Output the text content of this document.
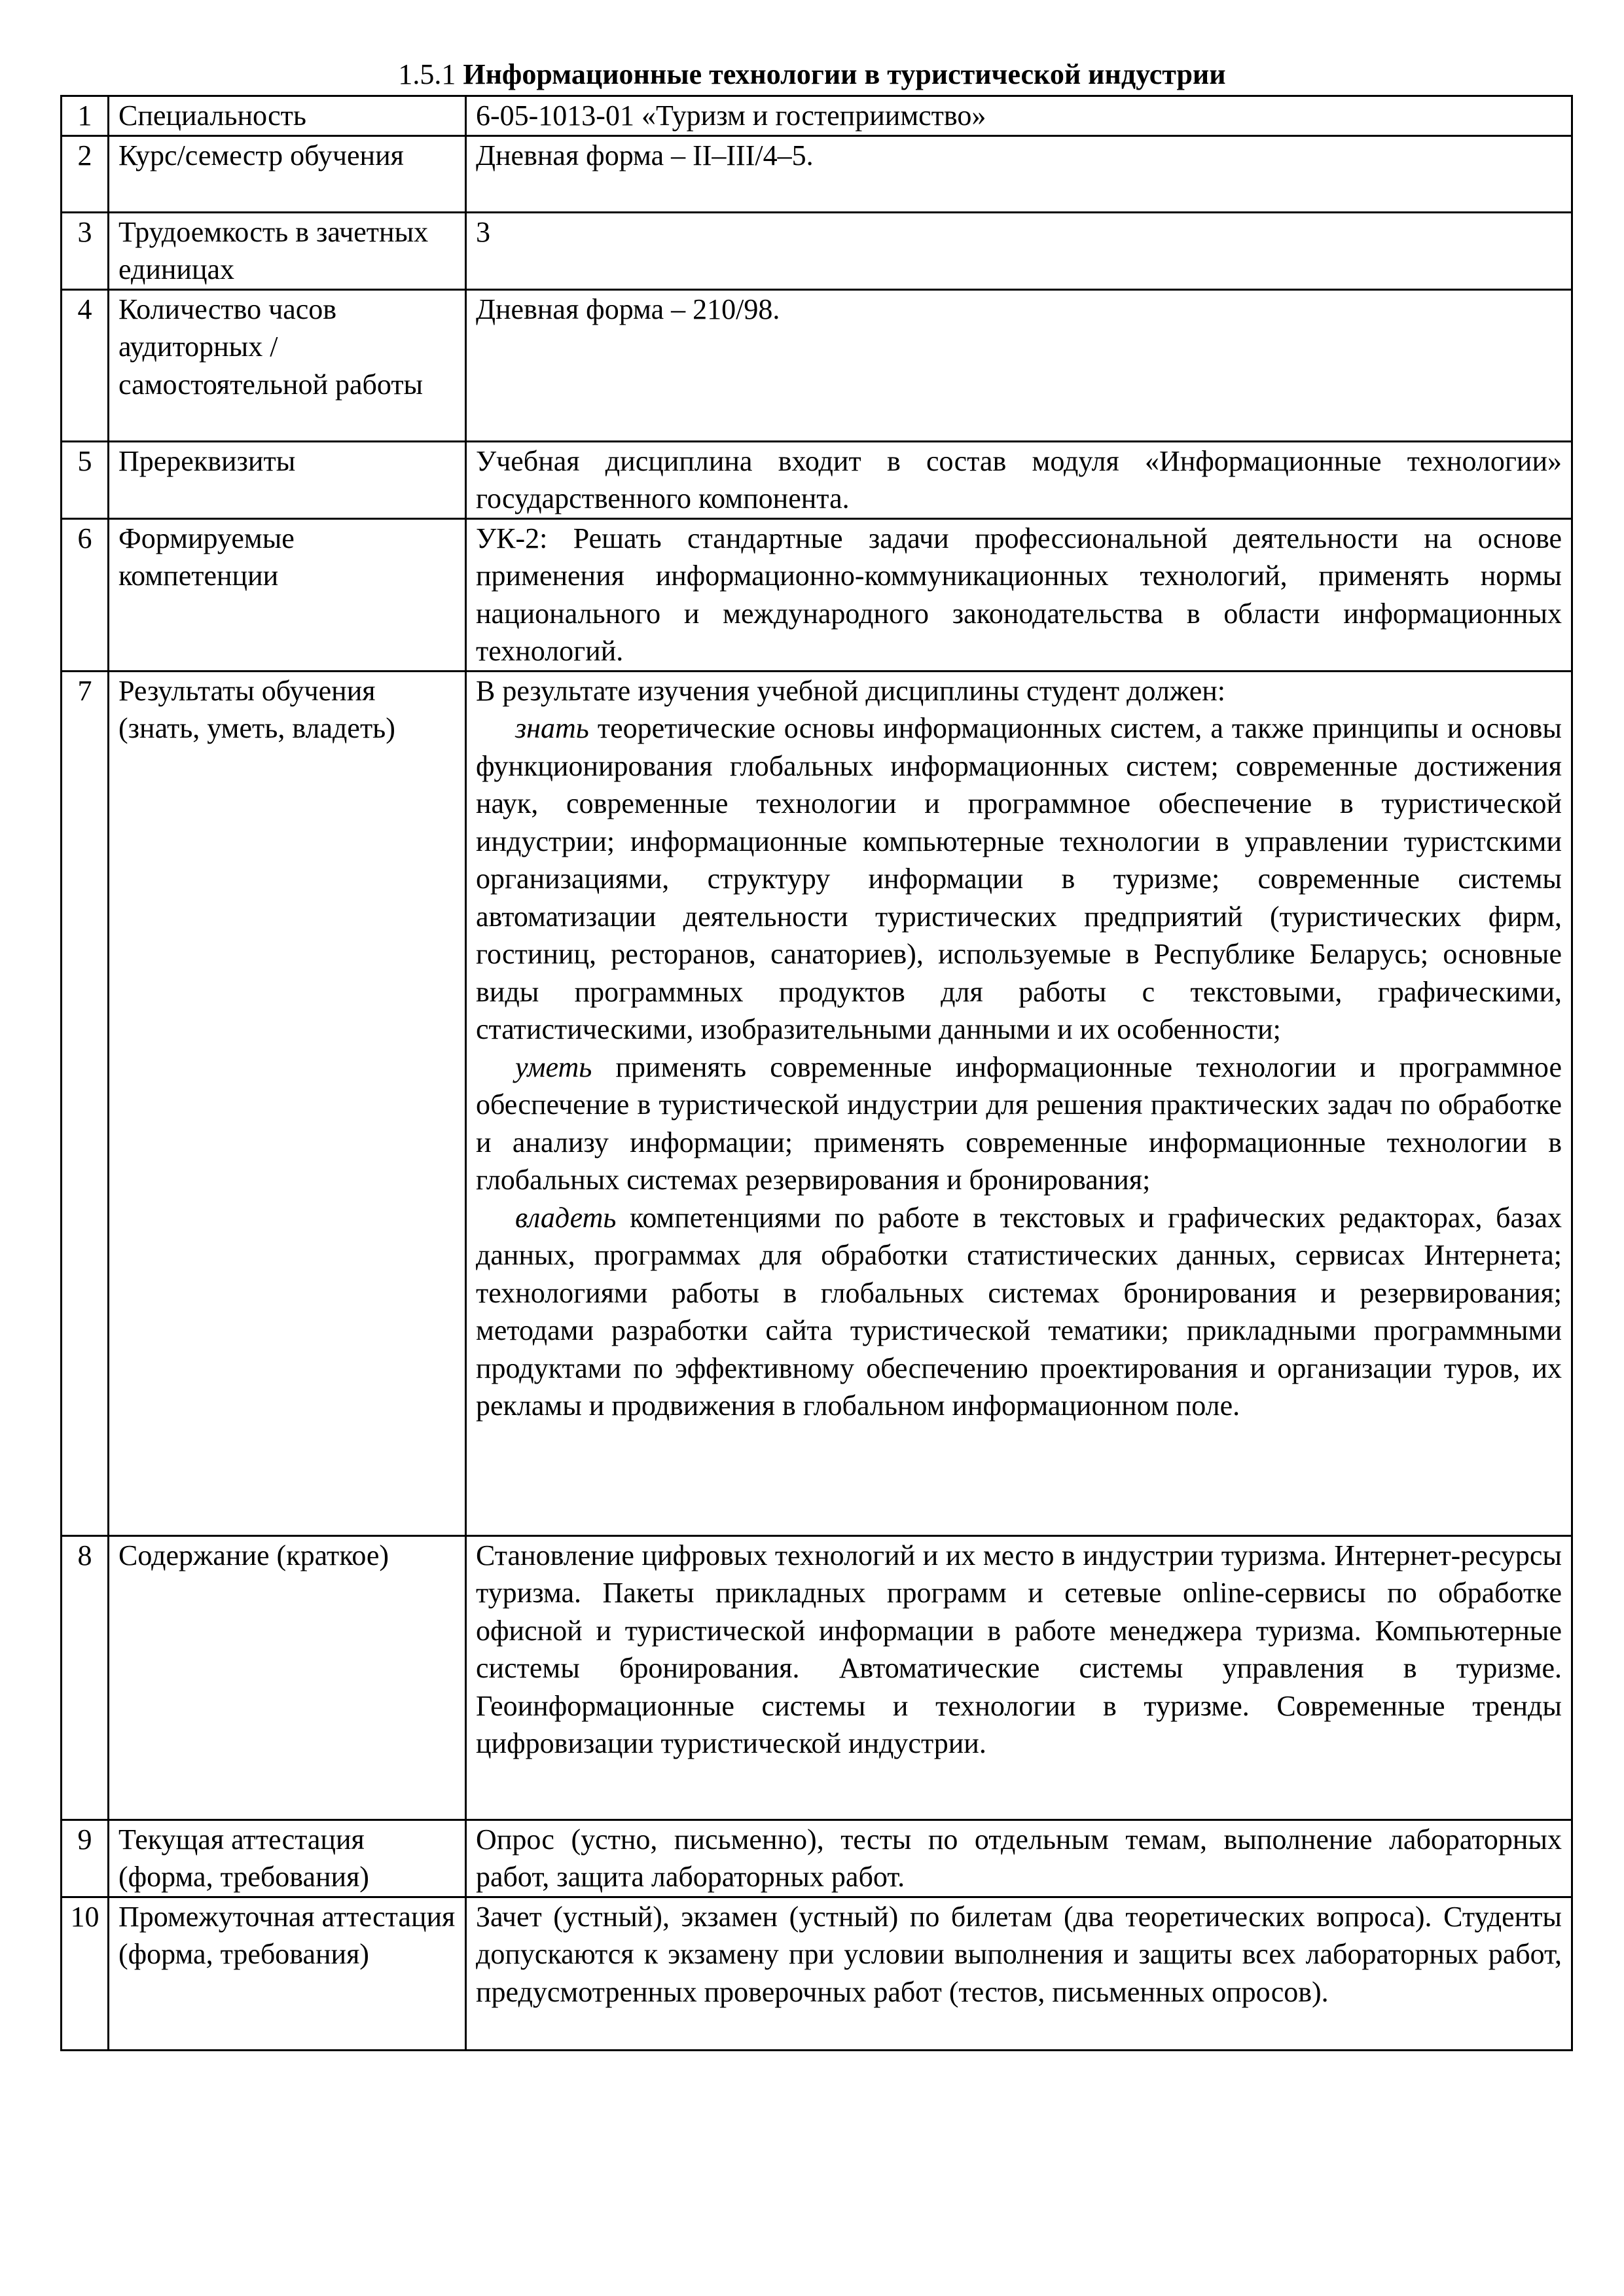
1.5.1 Информационные технологии в туристической индустрии
1	Специальность	6-05-1013-01 «Туризм и гостеприимство»
2	Курс/семестр обучения	Дневная форма – II–III/4–5.
3	Трудоемкость в зачетных единицах	3
4	Количество часов аудиторных / самостоятельной работы	Дневная форма – 210/98.
5	Пререквизиты	Учебная дисциплина входит в состав модуля «Информационные технологии» государственного компонента.
6	Формируемые компетенции	УК-2: Решать стандартные задачи профессиональной деятельности на основе применения информационно-коммуникационных технологий, применять нормы национального и международного законодательства в области информационных технологий.
7	Результаты обучения (знать, уметь, владеть)	В результате изучения учебной дисциплины студент должен:

знать теоретические основы информационных систем, а также принципы и основы функционирования глобальных информационных систем; современные достижения наук, современные технологии и программное обеспечение в туристической индустрии; информационные компьютерные технологии в управлении туристскими организациями, структуру информации в туризме; современные системы автоматизации деятельности туристических предприятий (туристических фирм, гостиниц, ресторанов, санаториев), используемые в Республике Беларусь; основные виды программных продуктов для работы с текстовыми, графическими, статистическими, изобразительными данными и их особенности;

уметь применять современные информационные технологии и программное обеспечение в туристической индустрии для решения практических задач по обработке и анализу информации; применять современные информационные технологии в глобальных системах резервирования и бронирования;

владеть компетенциями по работе в текстовых и графических редакторах, базах данных, программах для обработки статистических данных, сервисах Интернета; технологиями работы в глобальных системах бронирования и резервирования; методами разработки сайта туристической тематики; прикладными программными продуктами по эффективному обеспечению проектирования и организации туров, их рекламы и продвижения в глобальном информационном поле.

8	Содержание (краткое)	Становление цифровых технологий и их место в индустрии туризма. Интернет-ресурсы туризма. Пакеты прикладных программ и сетевые online-сервисы по обработке офисной и туристической информации в работе менеджера туризма. Компьютерные системы бронирования. Автоматические системы управления в туризме. Геоинформационные системы и технологии в туризме. Современные тренды цифровизации туристической индустрии.
9	Текущая аттестация (форма, требования)	Опрос (устно, письменно), тесты по отдельным темам, выполнение лабораторных работ, защита лабораторных работ.
10	Промежуточная аттестация (форма, требования)	Зачет (устный), экзамен (устный) по билетам (два теоретических вопроса). Студенты допускаются к экзамену при условии выполнения и защиты всех лабораторных работ, предусмотренных проверочных работ (тестов, письменных опросов).
